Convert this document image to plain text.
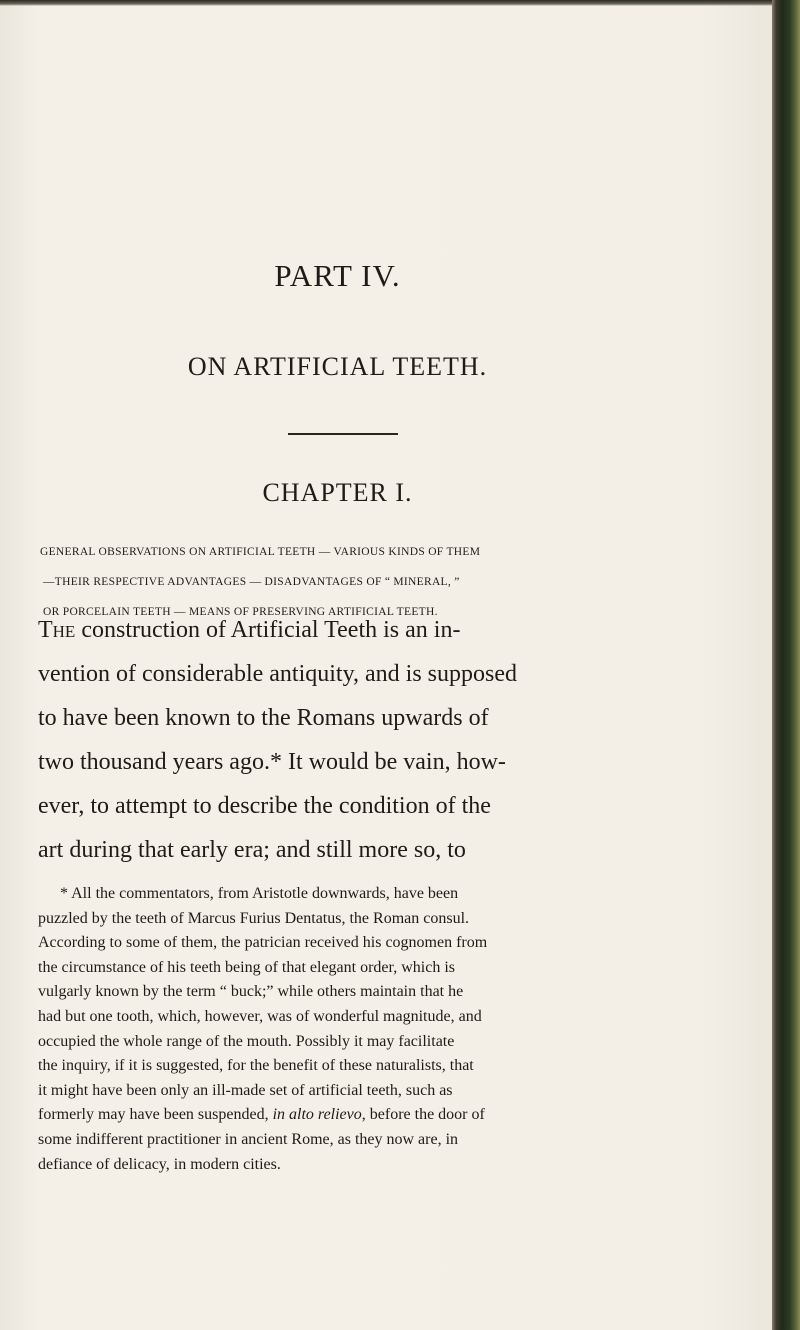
PART IV.
ON ARTIFICIAL TEETH.
CHAPTER I.

GENERAL OBSERVATIONS ON ARTIFICIAL TEETH — VARIOUS KINDS OF THEM
—THEIR RESPECTIVE ADVANTAGES — DISADVANTAGES OF “ MINERAL, ”
OR PORCELAIN TEETH — MEANS OF PRESERVING ARTIFICIAL TEETH.

The construction of Artificial Teeth is an in-
vention of considerable antiquity, and is supposed
to have been known to the Romans upwards of
two thousand years ago.* It would be vain, how-
ever, to attempt to describe the condition of the
art during that early era; and still more so, to

* All the commentators, from Aristotle downwards, have been
puzzled by the teeth of Marcus Furius Dentatus, the Roman consul.
According to some of them, the patrician received his cognomen from
the circumstance of his teeth being of that elegant order, which is
vulgarly known by the term “ buck;” while others maintain that he
had but one tooth, which, however, was of wonderful magnitude, and
occupied the whole range of the mouth. Possibly it may facilitate
the inquiry, if it is suggested, for the benefit of these naturalists, that
it might have been only an ill-made set of artificial teeth, such as
formerly may have been suspended, in alto relievo, before the door of
some indifferent practitioner in ancient Rome, as they now are, in
defiance of delicacy, in modern cities.
